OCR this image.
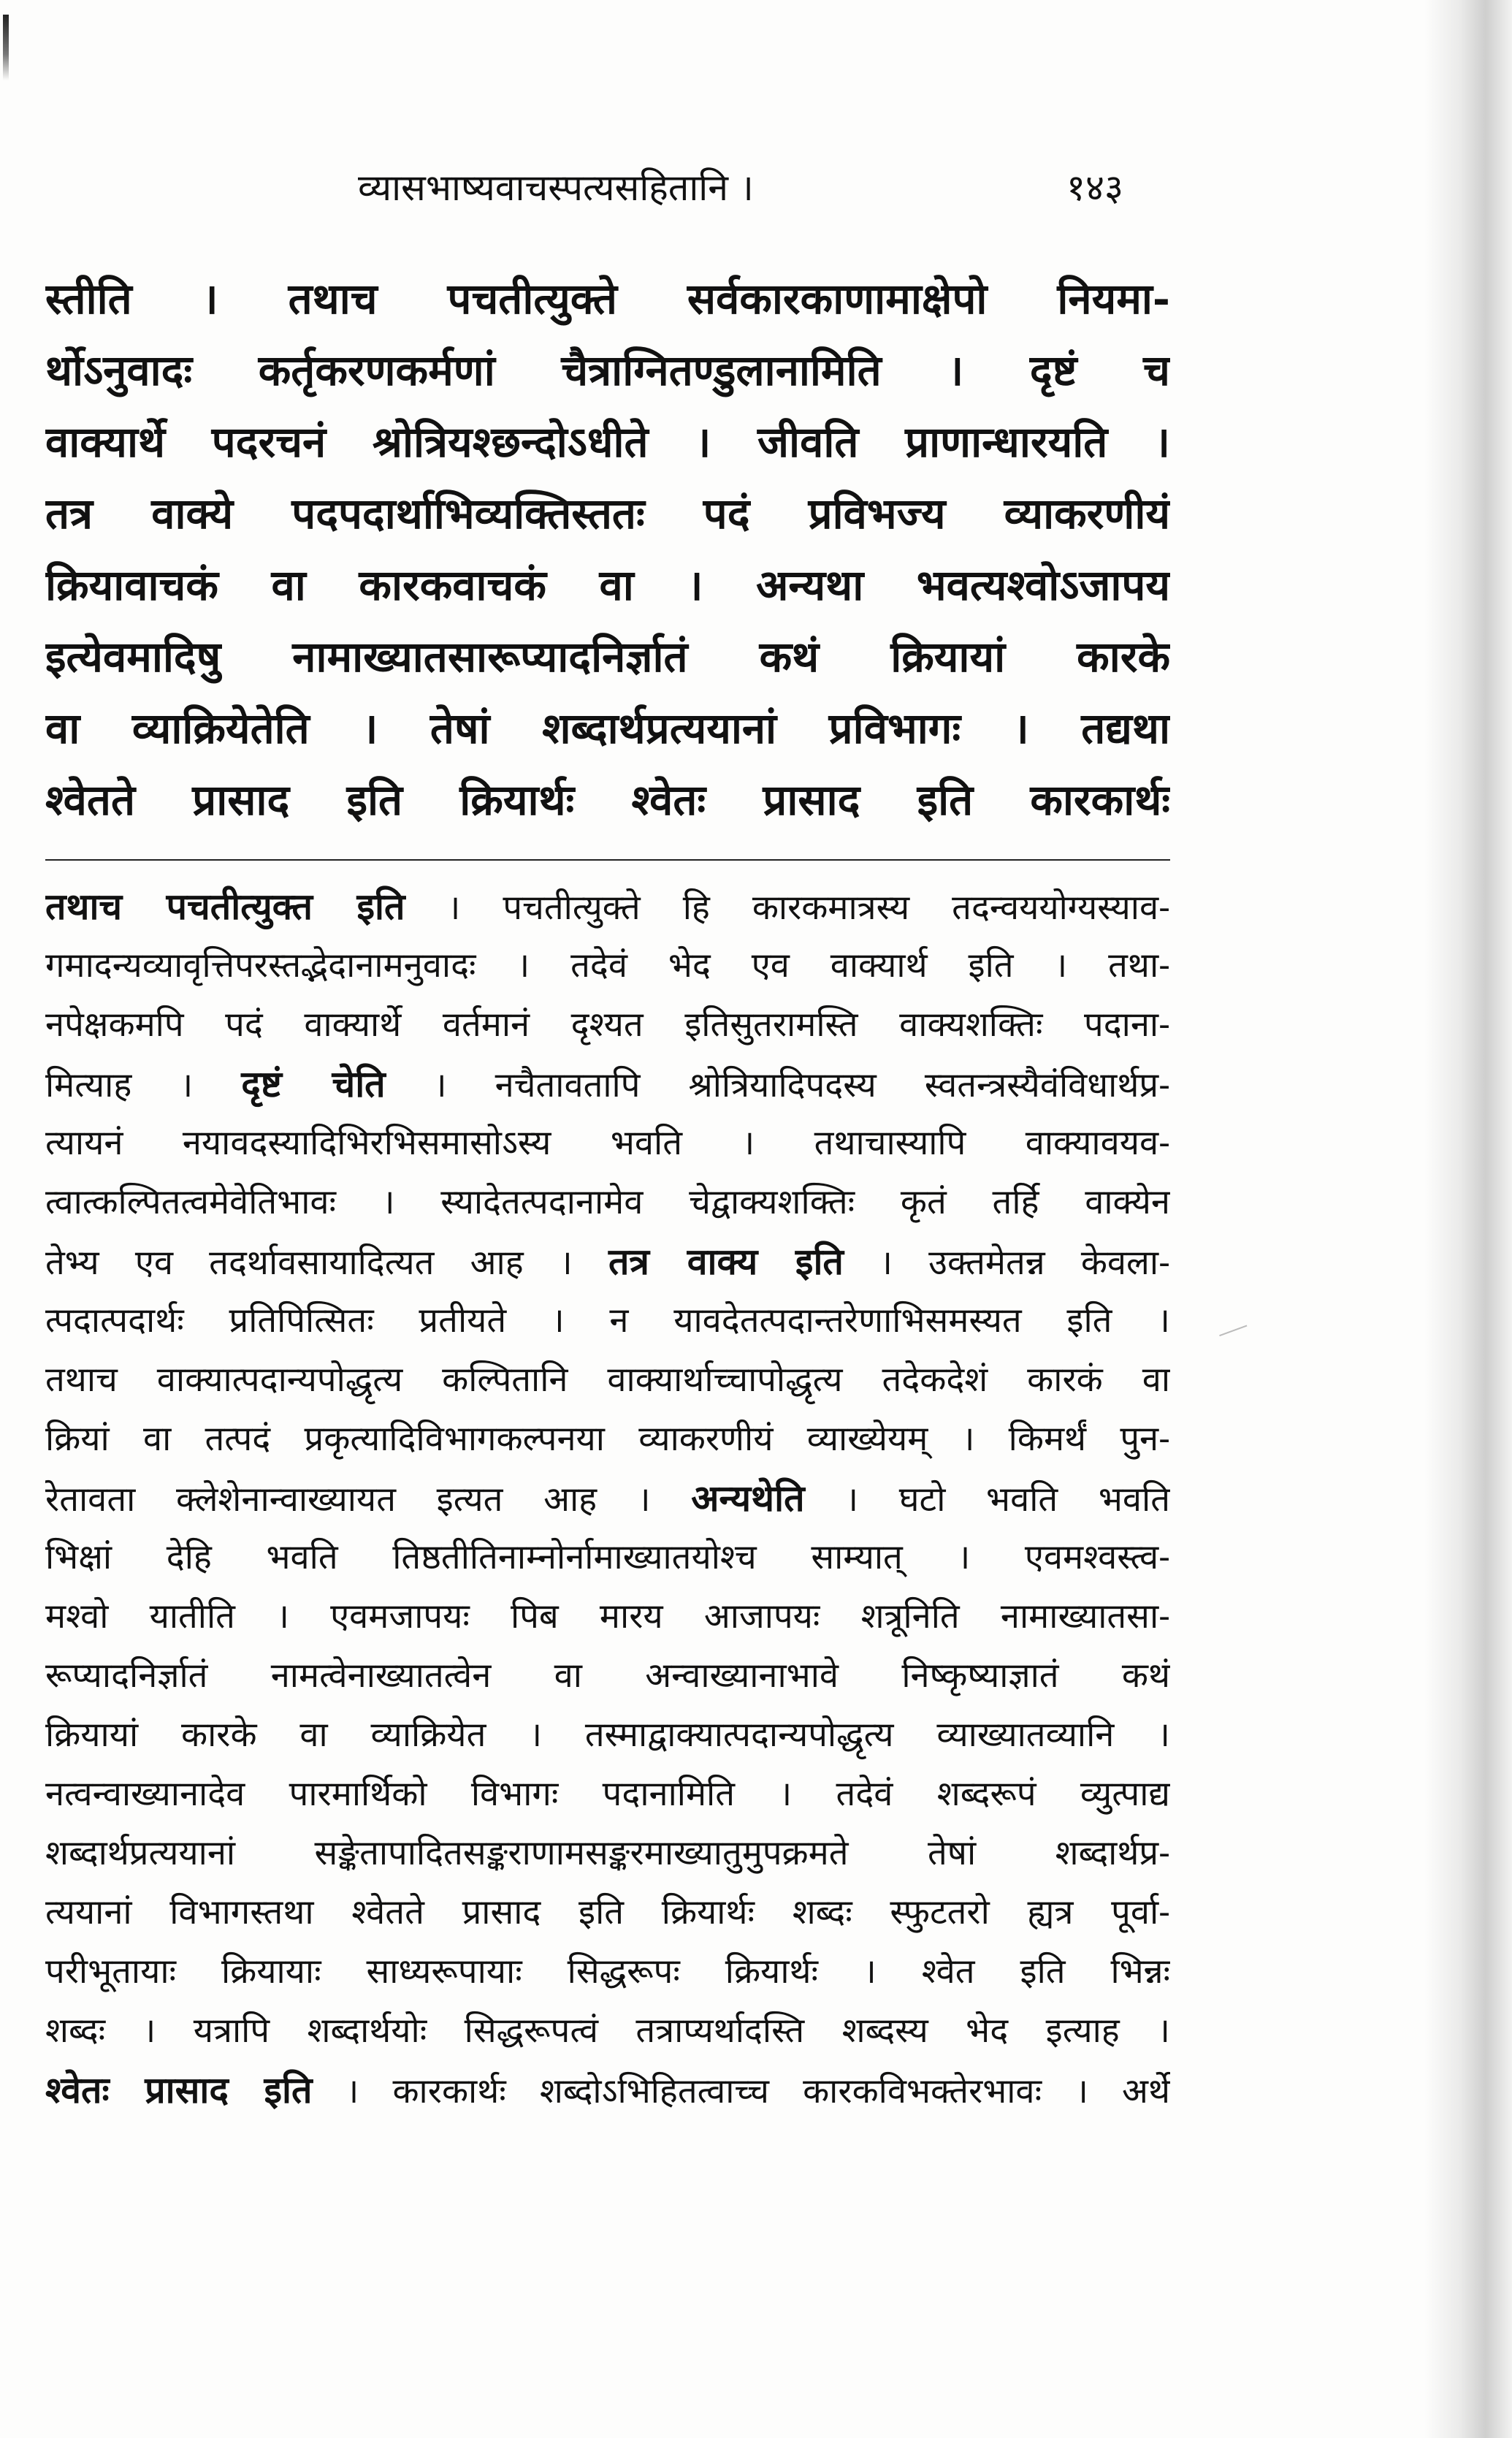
व्यासभाष्यवाचस्पत्यसहितानि ।	१४३
स्तीति । तथाच पचतीत्युक्ते सर्वकारकाणामाक्षेपो नियमा-
र्थोऽनुवादः कर्तृकरणकर्मणां चैत्राग्नितण्डुलानामिति । दृष्टं च
वाक्यार्थे पदरचनं श्रोत्रियश्छन्दोऽधीते । जीवति प्राणान्धारयति ।
तत्र वाक्ये पदपदार्थाभिव्यक्तिस्ततः पदं प्रविभज्य व्याकरणीयं
क्रियावाचकं वा कारकवाचकं वा । अन्यथा भवत्यश्वोऽजापय
इत्येवमादिषु नामाख्यातसारूप्यादनिर्ज्ञातं कथं क्रियायां कारके
वा व्याक्रियेतेति । तेषां शब्दार्थप्रत्ययानां प्रविभागः । तद्यथा
श्वेतते प्रासाद इति क्रियार्थः श्वेतः प्रासाद इति कारकार्थः
तथाच पचतीत्युक्त इति । पचतीत्युक्ते हि कारकमात्रस्य तदन्वययोग्यस्याव-
गमादन्यव्यावृत्तिपरस्तद्भेदानामनुवादः । तदेवं भेद एव वाक्यार्थ इति । तथा-
नपेक्षकमपि पदं वाक्यार्थे वर्तमानं दृश्यत इतिसुतरामस्ति वाक्यशक्तिः पदाना-
मित्याह । दृष्टं चेति । नचैतावतापि श्रोत्रियादिपदस्य स्वतन्त्रस्यैवंविधार्थप्र-
त्यायनं नयावदस्यादिभिरभिसमासोऽस्य भवति । तथाचास्यापि वाक्यावयव-
त्वात्कल्पितत्वमेवेतिभावः । स्यादेतत्पदानामेव चेद्वाक्यशक्तिः कृतं तर्हि वाक्येन
तेभ्य एव तदर्थावसायादित्यत आह । तत्र वाक्य इति । उक्तमेतन्न केवला-
त्पदात्पदार्थः प्रतिपित्सितः प्रतीयते । न यावदेतत्पदान्तरेणाभिसमस्यत इति ।
तथाच वाक्यात्पदान्यपोद्धृत्य कल्पितानि वाक्यार्थाच्चापोद्धृत्य तदेकदेशं कारकं वा
क्रियां वा तत्पदं प्रकृत्यादिविभागकल्पनया व्याकरणीयं व्याख्येयम् । किमर्थं पुन-
रेतावता क्लेशेनान्वाख्यायत इत्यत आह । अन्यथेति । घटो भवति भवति
भिक्षां देहि भवति तिष्ठतीतिनाम्नोर्नामाख्यातयोश्च साम्यात् । एवमश्वस्त्व-
मश्वो यातीति । एवमजापयः पिब मारय आजापयः शत्रूनिति नामाख्यातसा-
रूप्यादनिर्ज्ञातं नामत्वेनाख्यातत्वेन वा अन्वाख्यानाभावे निष्कृष्याज्ञातं कथं
क्रियायां कारके वा व्याक्रियेत । तस्माद्वाक्यात्पदान्यपोद्धृत्य व्याख्यातव्यानि ।
नत्वन्वाख्यानादेव पारमार्थिको विभागः पदानामिति । तदेवं शब्दरूपं व्युत्पाद्य
शब्दार्थप्रत्ययानां सङ्केतापादितसङ्कराणामसङ्करमाख्यातुमुपक्रमते तेषां शब्दार्थप्र-
त्ययानां विभागस्तथा श्वेतते प्रासाद इति क्रियार्थः शब्दः स्फुटतरो ह्यत्र पूर्वा-
परीभूतायाः क्रियायाः साध्यरूपायाः सिद्धरूपः क्रियार्थः । श्वेत इति भिन्नः
शब्दः । यत्रापि शब्दार्थयोः सिद्धरूपत्वं तत्राप्यर्थादस्ति शब्दस्य भेद इत्याह ।
श्वेतः प्रासाद इति । कारकार्थः शब्दोऽभिहितत्वाच्च कारकविभक्तेरभावः । अर्थे
